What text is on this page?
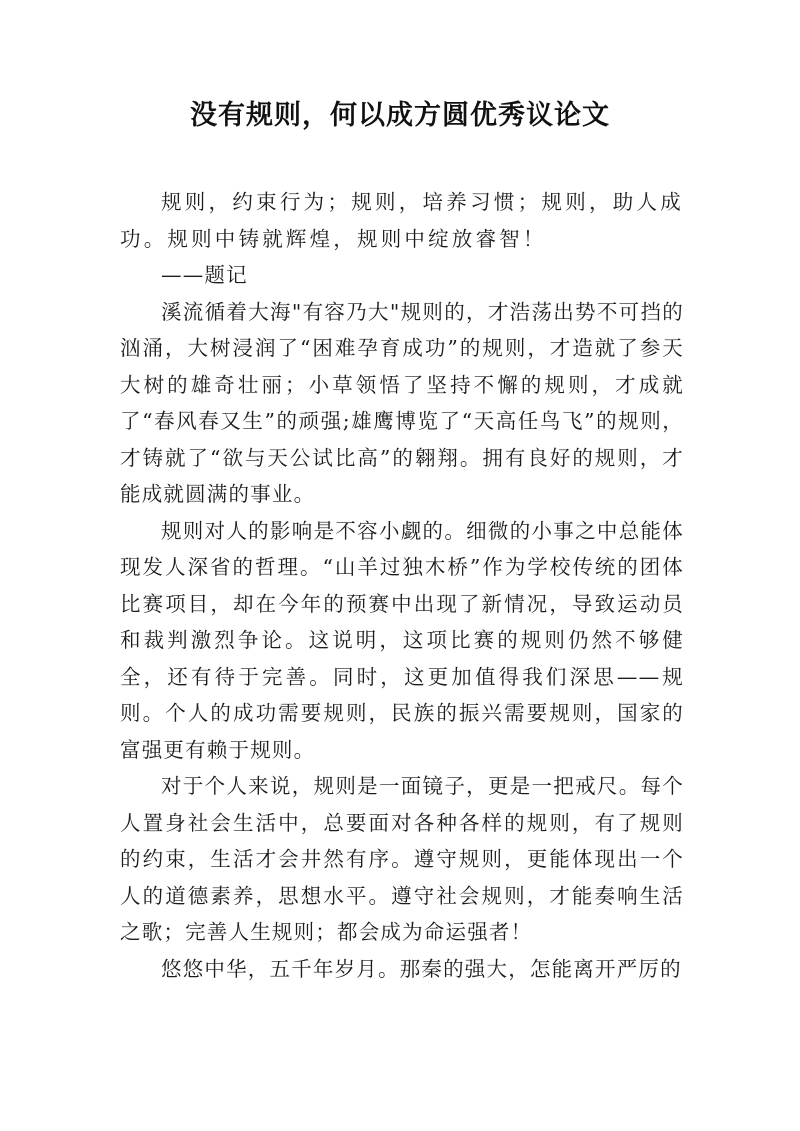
没有规则，何以成方圆优秀议论文

规则，约束行为；规则，培养习惯；规则，助人成功。规则中铸就辉煌，规则中绽放睿智！

——题记

溪流循着大海"有容乃大"规则的，才浩荡出势不可挡的汹涌，大树浸润了“困难孕育成功”的规则，才造就了参天大树的雄奇壮丽；小草领悟了坚持不懈的规则，才成就了“春风春又生”的顽强;雄鹰博览了“天高任鸟飞”的规则，才铸就了“欲与天公试比高”的翱翔。拥有良好的规则，才能成就圆满的事业。

规则对人的影响是不容小觑的。细微的小事之中总能体现发人深省的哲理。“山羊过独木桥”作为学校传统的团体比赛项目，却在今年的预赛中出现了新情况，导致运动员和裁判激烈争论。这说明，这项比赛的规则仍然不够健全，还有待于完善。同时，这更加值得我们深思——规则。个人的成功需要规则，民族的振兴需要规则，国家的富强更有赖于规则。

对于个人来说，规则是一面镜子，更是一把戒尺。每个人置身社会生活中，总要面对各种各样的规则，有了规则的约束，生活才会井然有序。遵守规则，更能体现出一个人的道德素养，思想水平。遵守社会规则，才能奏响生活之歌；完善人生规则；都会成为命运强者！

悠悠中华，五千年岁月。那秦的强大，怎能离开严厉的
